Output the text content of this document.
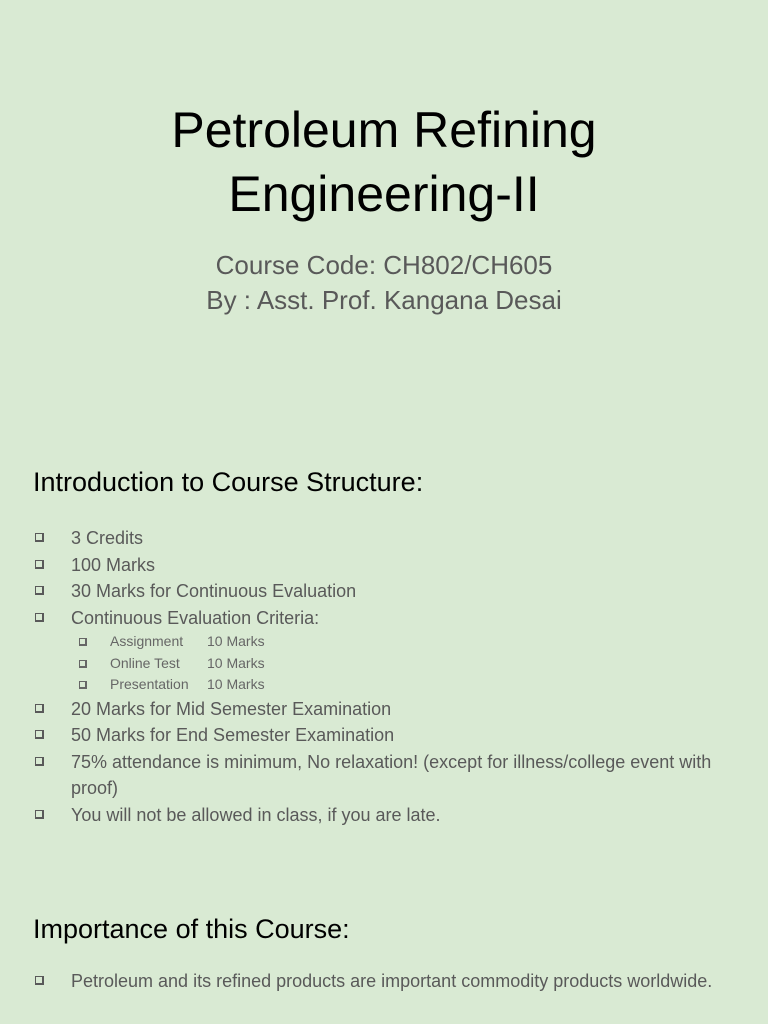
Petroleum Refining
Engineering-II
Course Code: CH802/CH605
By : Asst. Prof. Kangana Desai
Introduction to Course Structure:
3 Credits
100 Marks
30 Marks for Continuous Evaluation
Continuous Evaluation Criteria:
Assignment 10 Marks
Online Test 10 Marks
Presentation 10 Marks
20 Marks for Mid Semester Examination
50 Marks for End Semester Examination
75% attendance is minimum, No relaxation! (except for illness/college event with proof)
You will not be allowed in class, if you are late.
Importance of this Course:
Petroleum and its refined products are important commodity products worldwide.
